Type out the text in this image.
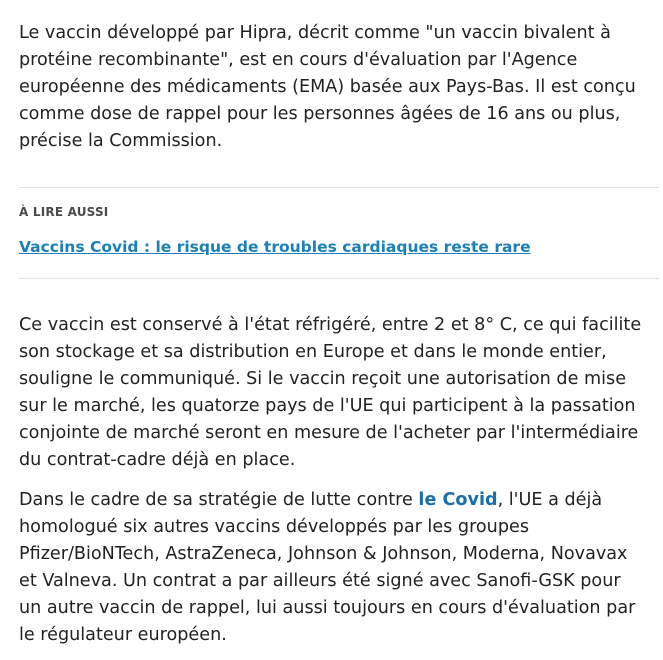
Le vaccin développé par Hipra, décrit comme "un vaccin bivalent à protéine recombinante", est en cours d'évaluation par l'Agence européenne des médicaments (EMA) basée aux Pays-Bas. Il est conçu comme dose de rappel pour les personnes âgées de 16 ans ou plus, précise la Commission.

Ce vaccin est conservé à l'état réfrigéré, entre 2 et 8° C, ce qui facilite son stockage et sa distribution en Europe et dans le monde entier, souligne le communiqué. Si le vaccin reçoit une autorisation de mise sur le marché, les quatorze pays de l'UE qui participent à la passation conjointe de marché seront en mesure de l'acheter par l'intermédiaire du contrat-cadre déjà en place.

Dans le cadre de sa stratégie de lutte contre le Covid, l'UE a déjà homologué six autres vaccins développés par les groupes Pfizer/BioNTech, AstraZeneca, Johnson & Johnson, Moderna, Novavax et Valneva. Un contrat a par ailleurs été signé avec Sanofi-GSK pour un autre vaccin de rappel, lui aussi toujours en cours d'évaluation par le régulateur européen.

À LIRE AUSSI
Vaccins Covid : le risque de troubles cardiaques reste rare
